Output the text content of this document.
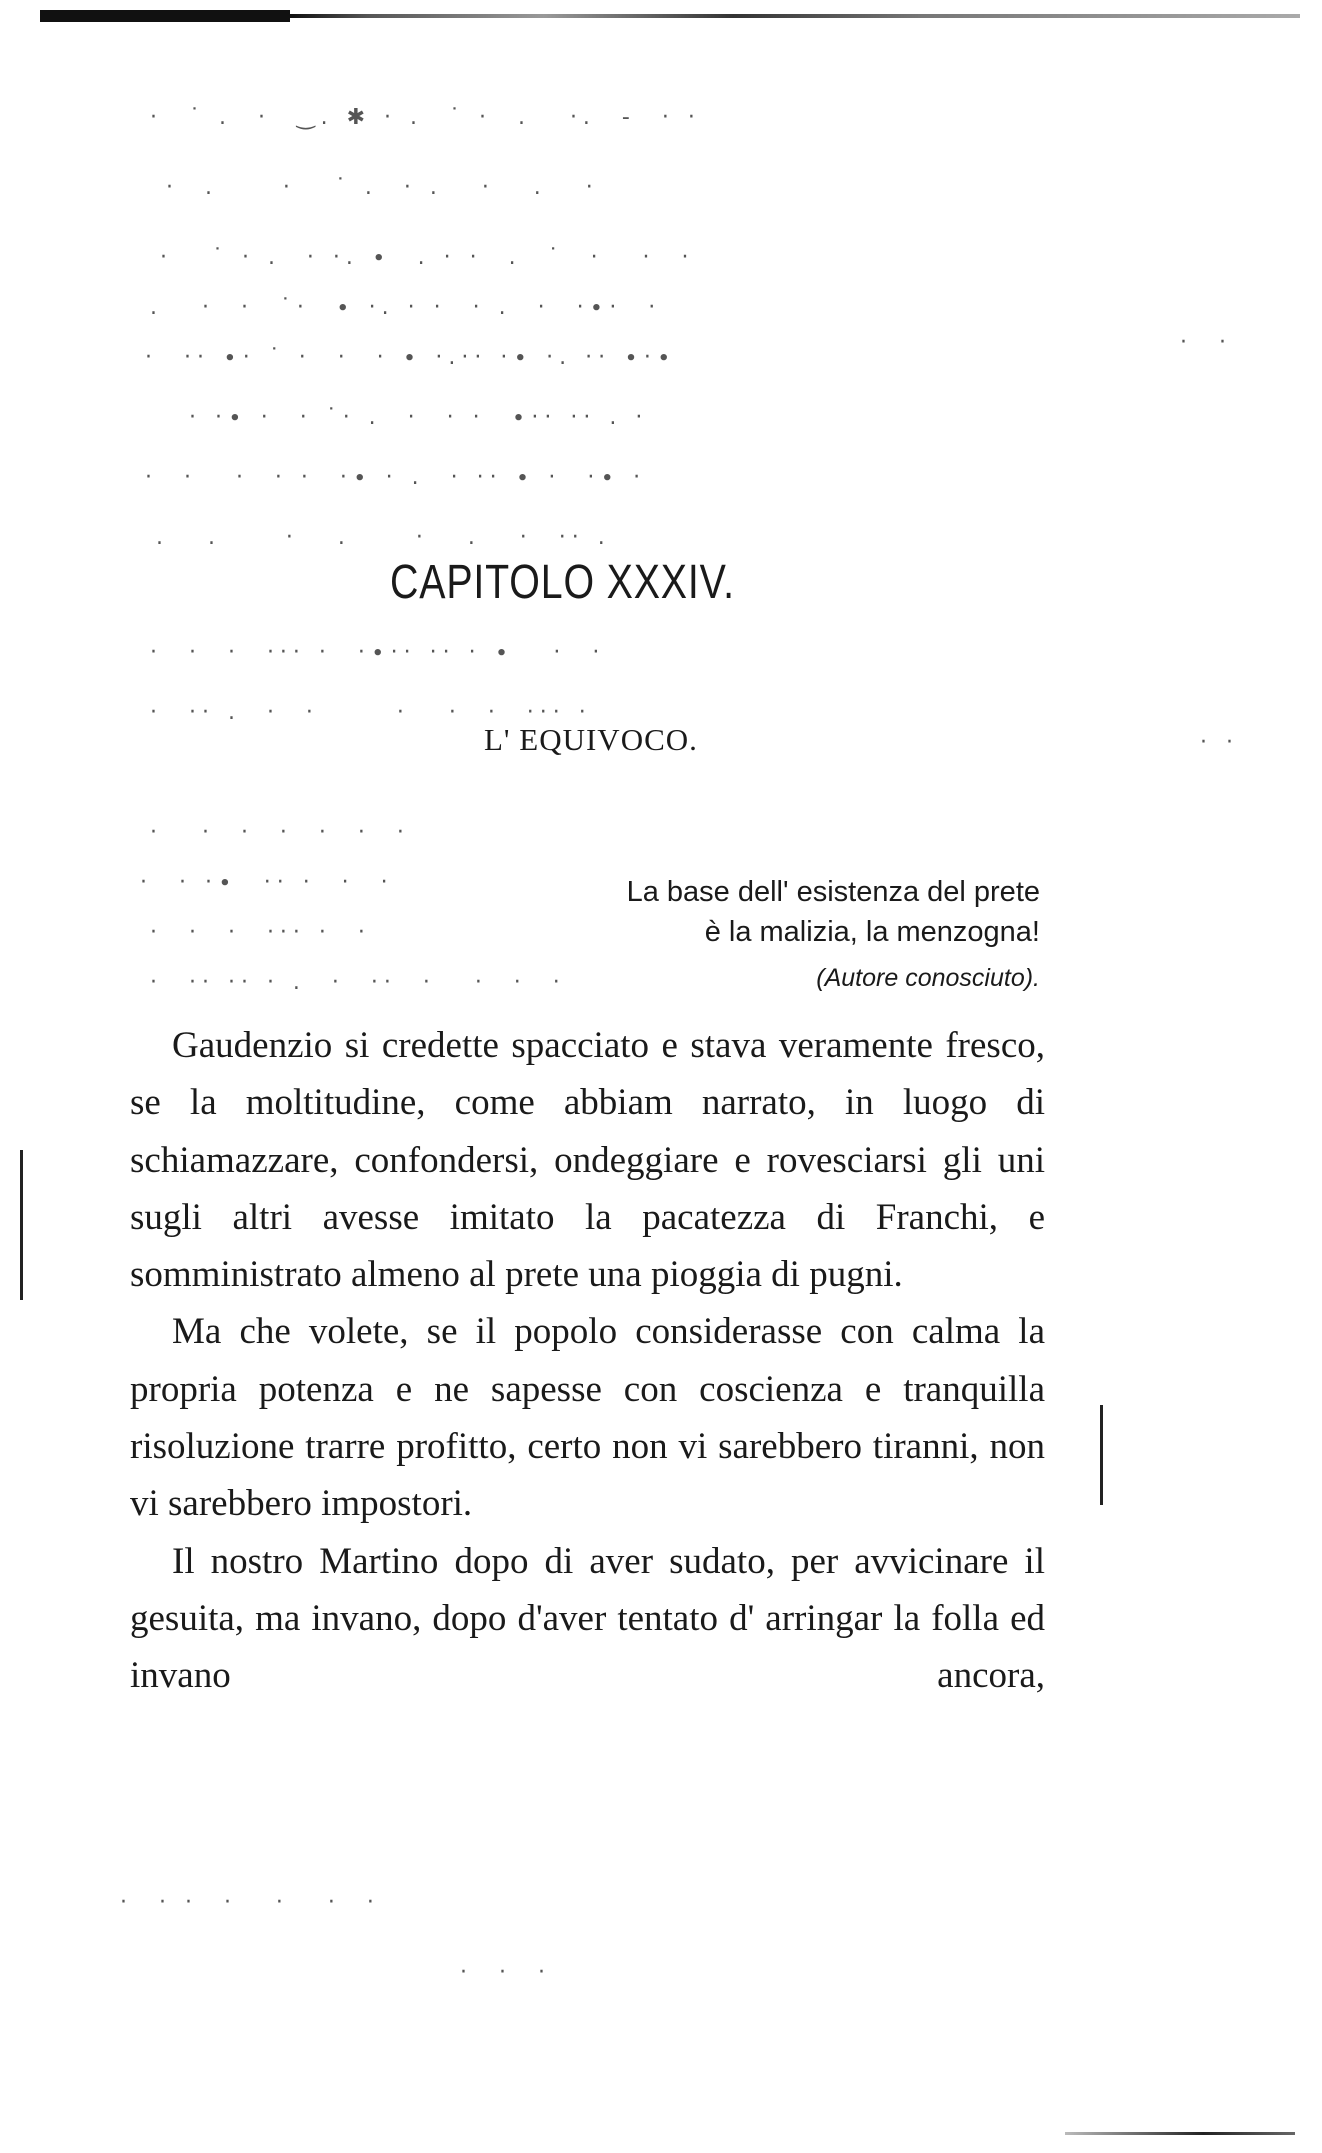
·  ˙ .  ·  ‿. ✱ · .  ˙ ·  .   ·.  ‐  · ·
·  .     ·   ˙ .  · .   ·   .   ·
·   ˙ · .  · ·. ∙  . · ·  .  ˙  ·   ·  ·
.   ·  ·  ˙·  ∙ ·. · ·  · .  ·  ·∙·  ·
·  ·· ∙· ˙ ·  ·  · ∙ ·.·· ·∙ ·. ·· ∙·∙
· ·∙ ·  · ˙· .  ·  · ·  ∙·· ·· . ·
·  ·   ·  · ·  ·∙ · .  · ·· ∙ ·  ·∙ ·
.   .     ·   .     ·   .   ·  ·· .
·  ·  ·  ··· ·  ·∙·· ·· · ∙   ·  ·
·  ·· .  ·  ·      ·   ·  ·  ··· ·
·   ·  ·  ·  ·  ·  ·
·  · ·∙  ·· ·  ·  ·
·  ·  ·  ··· ·  ·
·  ·· ·· · .  ·  ··  ·   ·  ·  ·
·  ·
· ·
·  · ·  ·   ·   ·  ·
·  ·  ·
CAPITOLO XXXIV.
L' EQUIVOCO.
La base dell' esistenza del prete
è la malizia, la menzogna!
(Autore conosciuto).

Gaudenzio si credette spacciato e stava veramente fresco, se la moltitudine, come abbiam narrato, in luogo di schiamazzare, confondersi, ondeggiare e rovesciarsi gli uni sugli altri avesse imitato la pacatezza di Franchi, e somministrato almeno al prete una pioggia di pugni.

Ma che volete, se il popolo considerasse con calma la propria potenza e ne sapesse con coscienza e tranquilla risoluzione trarre profitto, certo non vi sarebbero tiranni, non vi sarebbero impostori.

Il nostro Martino dopo di aver sudato, per avvicinare il gesuita, ma invano, dopo d'aver tentato d' arringar la folla ed invano ancora,
